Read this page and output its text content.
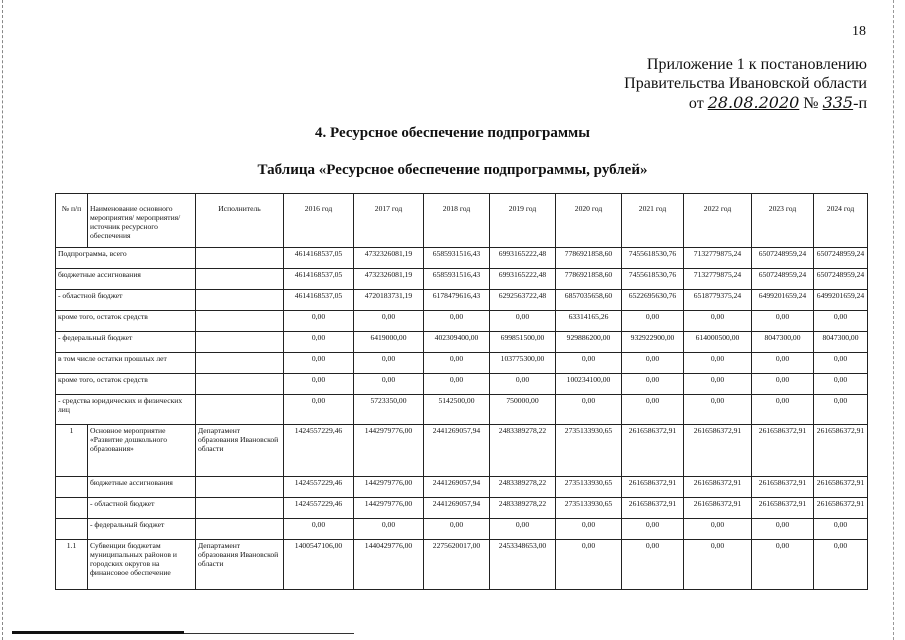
18
Приложение 1 к постановлению
Правительства Ивановской области
от 28.08.2020 № 335-п
4. Ресурсное обеспечение подпрограммы
Таблица «Ресурсное обеспечение подпрограммы, рублей»
№ п/п	Наименование основного мероприятия/ мероприятия/источник ресурсного обеспечения	Исполнитель	2016 год	2017 год	2018 год	2019 год	2020 год	2021 год	2022 год	2023 год	2024 год
Подпрограмма, всего			4614168537,05	4732326081,19	6585931516,43	6993165222,48	7786921858,60	7455618530,76	7132779875,24	6507248959,24	6507248959,24
бюджетные ассигнования			4614168537,05	4732326081,19	6585931516,43	6993165222,48	7786921858,60	7455618530,76	7132779875,24	6507248959,24	6507248959,24
- областной бюджет			4614168537,05	4720183731,19	6178479616,43	6292563722,48	6857035658,60	6522695630,76	6518779375,24	6499201659,24	6499201659,24
кроме того, остаток средств			0,00	0,00	0,00	0,00	63314165,26	0,00	0,00	0,00	0,00
- федеральный бюджет			0,00	6419000,00	402309400,00	699851500,00	929886200,00	932922900,00	614000500,00	8047300,00	8047300,00
в том числе остатки прошлых лет			0,00	0,00	0,00	103775300,00	0,00	0,00	0,00	0,00	0,00
кроме того, остаток средств			0,00	0,00	0,00	0,00	100234100,00	0,00	0,00	0,00	0,00
- средства юридических и физических лиц			0,00	5723350,00	5142500,00	750000,00	0,00	0,00	0,00	0,00	0,00
1	Основное мероприятие «Развитие дошкольного образования»	Департамент образования Ивановской области	1424557229,46	1442979776,00	2441269057,94	2483389278,22	2735133930,65	2616586372,91	2616586372,91	2616586372,91	2616586372,91
	бюджетные ассигнования		1424557229,46	1442979776,00	2441269057,94	2483389278,22	2735133930,65	2616586372,91	2616586372,91	2616586372,91	2616586372,91
	- областной бюджет		1424557229,46	1442979776,00	2441269057,94	2483389278,22	2735133930,65	2616586372,91	2616586372,91	2616586372,91	2616586372,91
	- федеральный бюджет		0,00	0,00	0,00	0,00	0,00	0,00	0,00	0,00	0,00
1.1	Субвенции бюджетам муниципальных районов и городских округов на финансовое обеспечение	Департамент образования Ивановской области	1400547106,00	1440429776,00	2275620017,00	2453348653,00	0,00	0,00	0,00	0,00	0,00
